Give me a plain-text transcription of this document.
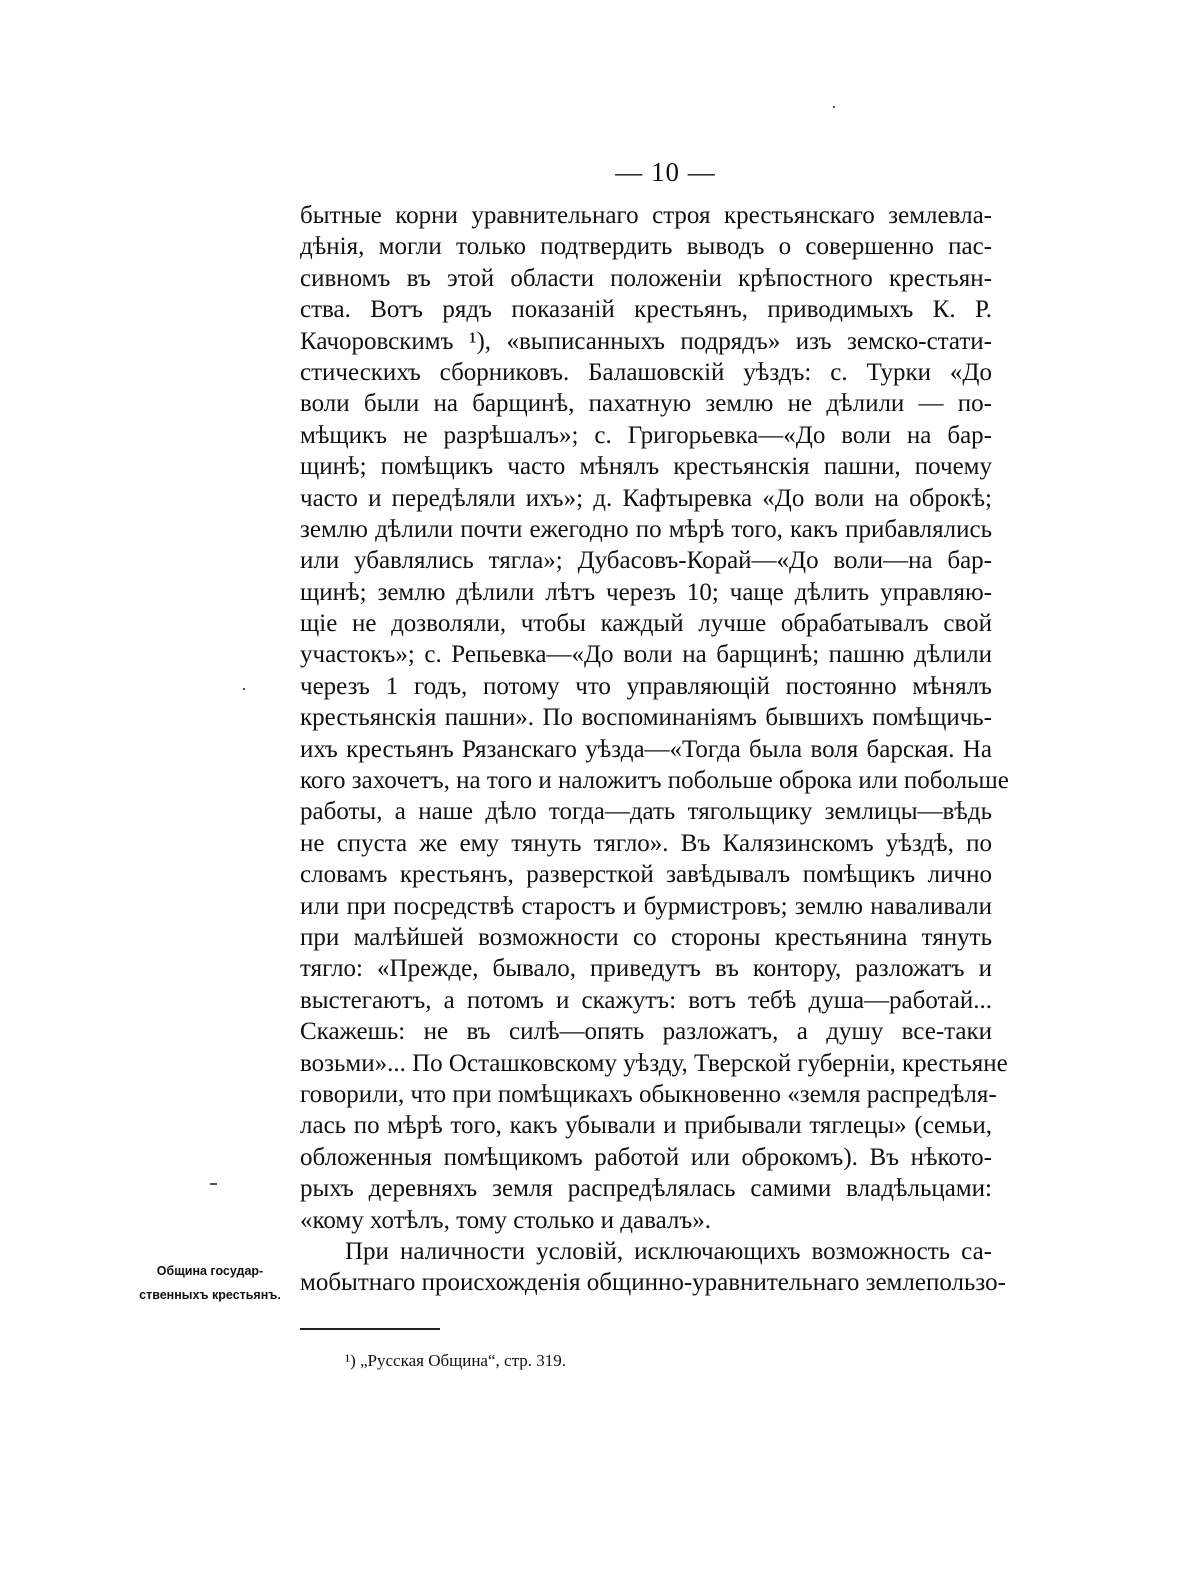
— 10 —
бытные корни уравнительнаго строя крестьянскаго землевла-
дѣнія, могли только подтвердить выводъ о совершенно пас-
сивномъ въ этой области положеніи крѣпостного крестьян-
ства. Вотъ рядъ показаній крестьянъ, приводимыхъ К. Р.
Качоровскимъ ¹), «выписанныхъ подрядъ» изъ земско-стати-
стическихъ сборниковъ. Балашовскій уѣздъ: с. Турки «До
воли были на барщинѣ, пахатную землю не дѣлили — по-
мѣщикъ не разрѣшалъ»; с. Григорьевка—«До воли на бар-
щинѣ; помѣщикъ часто мѣнялъ крестьянскія пашни, почему
часто и передѣляли ихъ»; д. Кафтыревка «До воли на оброкѣ;
землю дѣлили почти ежегодно по мѣрѣ того, какъ прибавлялись
или убавлялись тягла»; Дубасовъ-Корай—«До воли—на бар-
щинѣ; землю дѣлили лѣтъ черезъ 10; чаще дѣлить управляю-
щіе не дозволяли, чтобы каждый лучше обрабатывалъ свой
участокъ»; с. Репьевка—«До воли на барщинѣ; пашню дѣлили
черезъ 1 годъ, потому что управляющій постоянно мѣнялъ
крестьянскія пашни». По воспоминаніямъ бывшихъ помѣщичь-
ихъ крестьянъ Рязанскаго уѣзда—«Тогда была воля барская. На
кого захочетъ, на того и наложитъ побольше оброка или побольше
работы, а наше дѣло тогда—дать тягольщику землицы—вѣдь
не спуста же ему тянуть тягло». Въ Калязинскомъ уѣздѣ, по
словамъ крестьянъ, разверсткой завѣдывалъ помѣщикъ лично
или при посредствѣ старостъ и бурмистровъ; землю наваливали
при малѣйшей возможности со стороны крестьянина тянуть
тягло: «Прежде, бывало, приведутъ въ контору, разложатъ и
выстегаютъ, а потомъ и скажутъ: вотъ тебѣ душа—работай...
Скажешь: не въ силѣ—опять разложатъ, а душу все-таки
возьми»... По Осташковскому уѣзду, Тверской губерніи, крестьяне
говорили, что при помѣщикахъ обыкновенно «земля распредѣля-
лась по мѣрѣ того, какъ убывали и прибывали тяглецы» (семьи,
обложенныя помѣщикомъ работой или оброкомъ). Въ нѣкото-
рыхъ деревняхъ земля распредѣлялась самими владѣльцами:
«кому хотѣлъ, тому столько и давалъ».
При наличности условій, исключающихъ возможность са-
мобытнаго происхожденія общинно-уравнительнаго землепользо-
Община государ-
ственныхъ крестьянъ.
¹) „Русская Община“, стр. 319.
